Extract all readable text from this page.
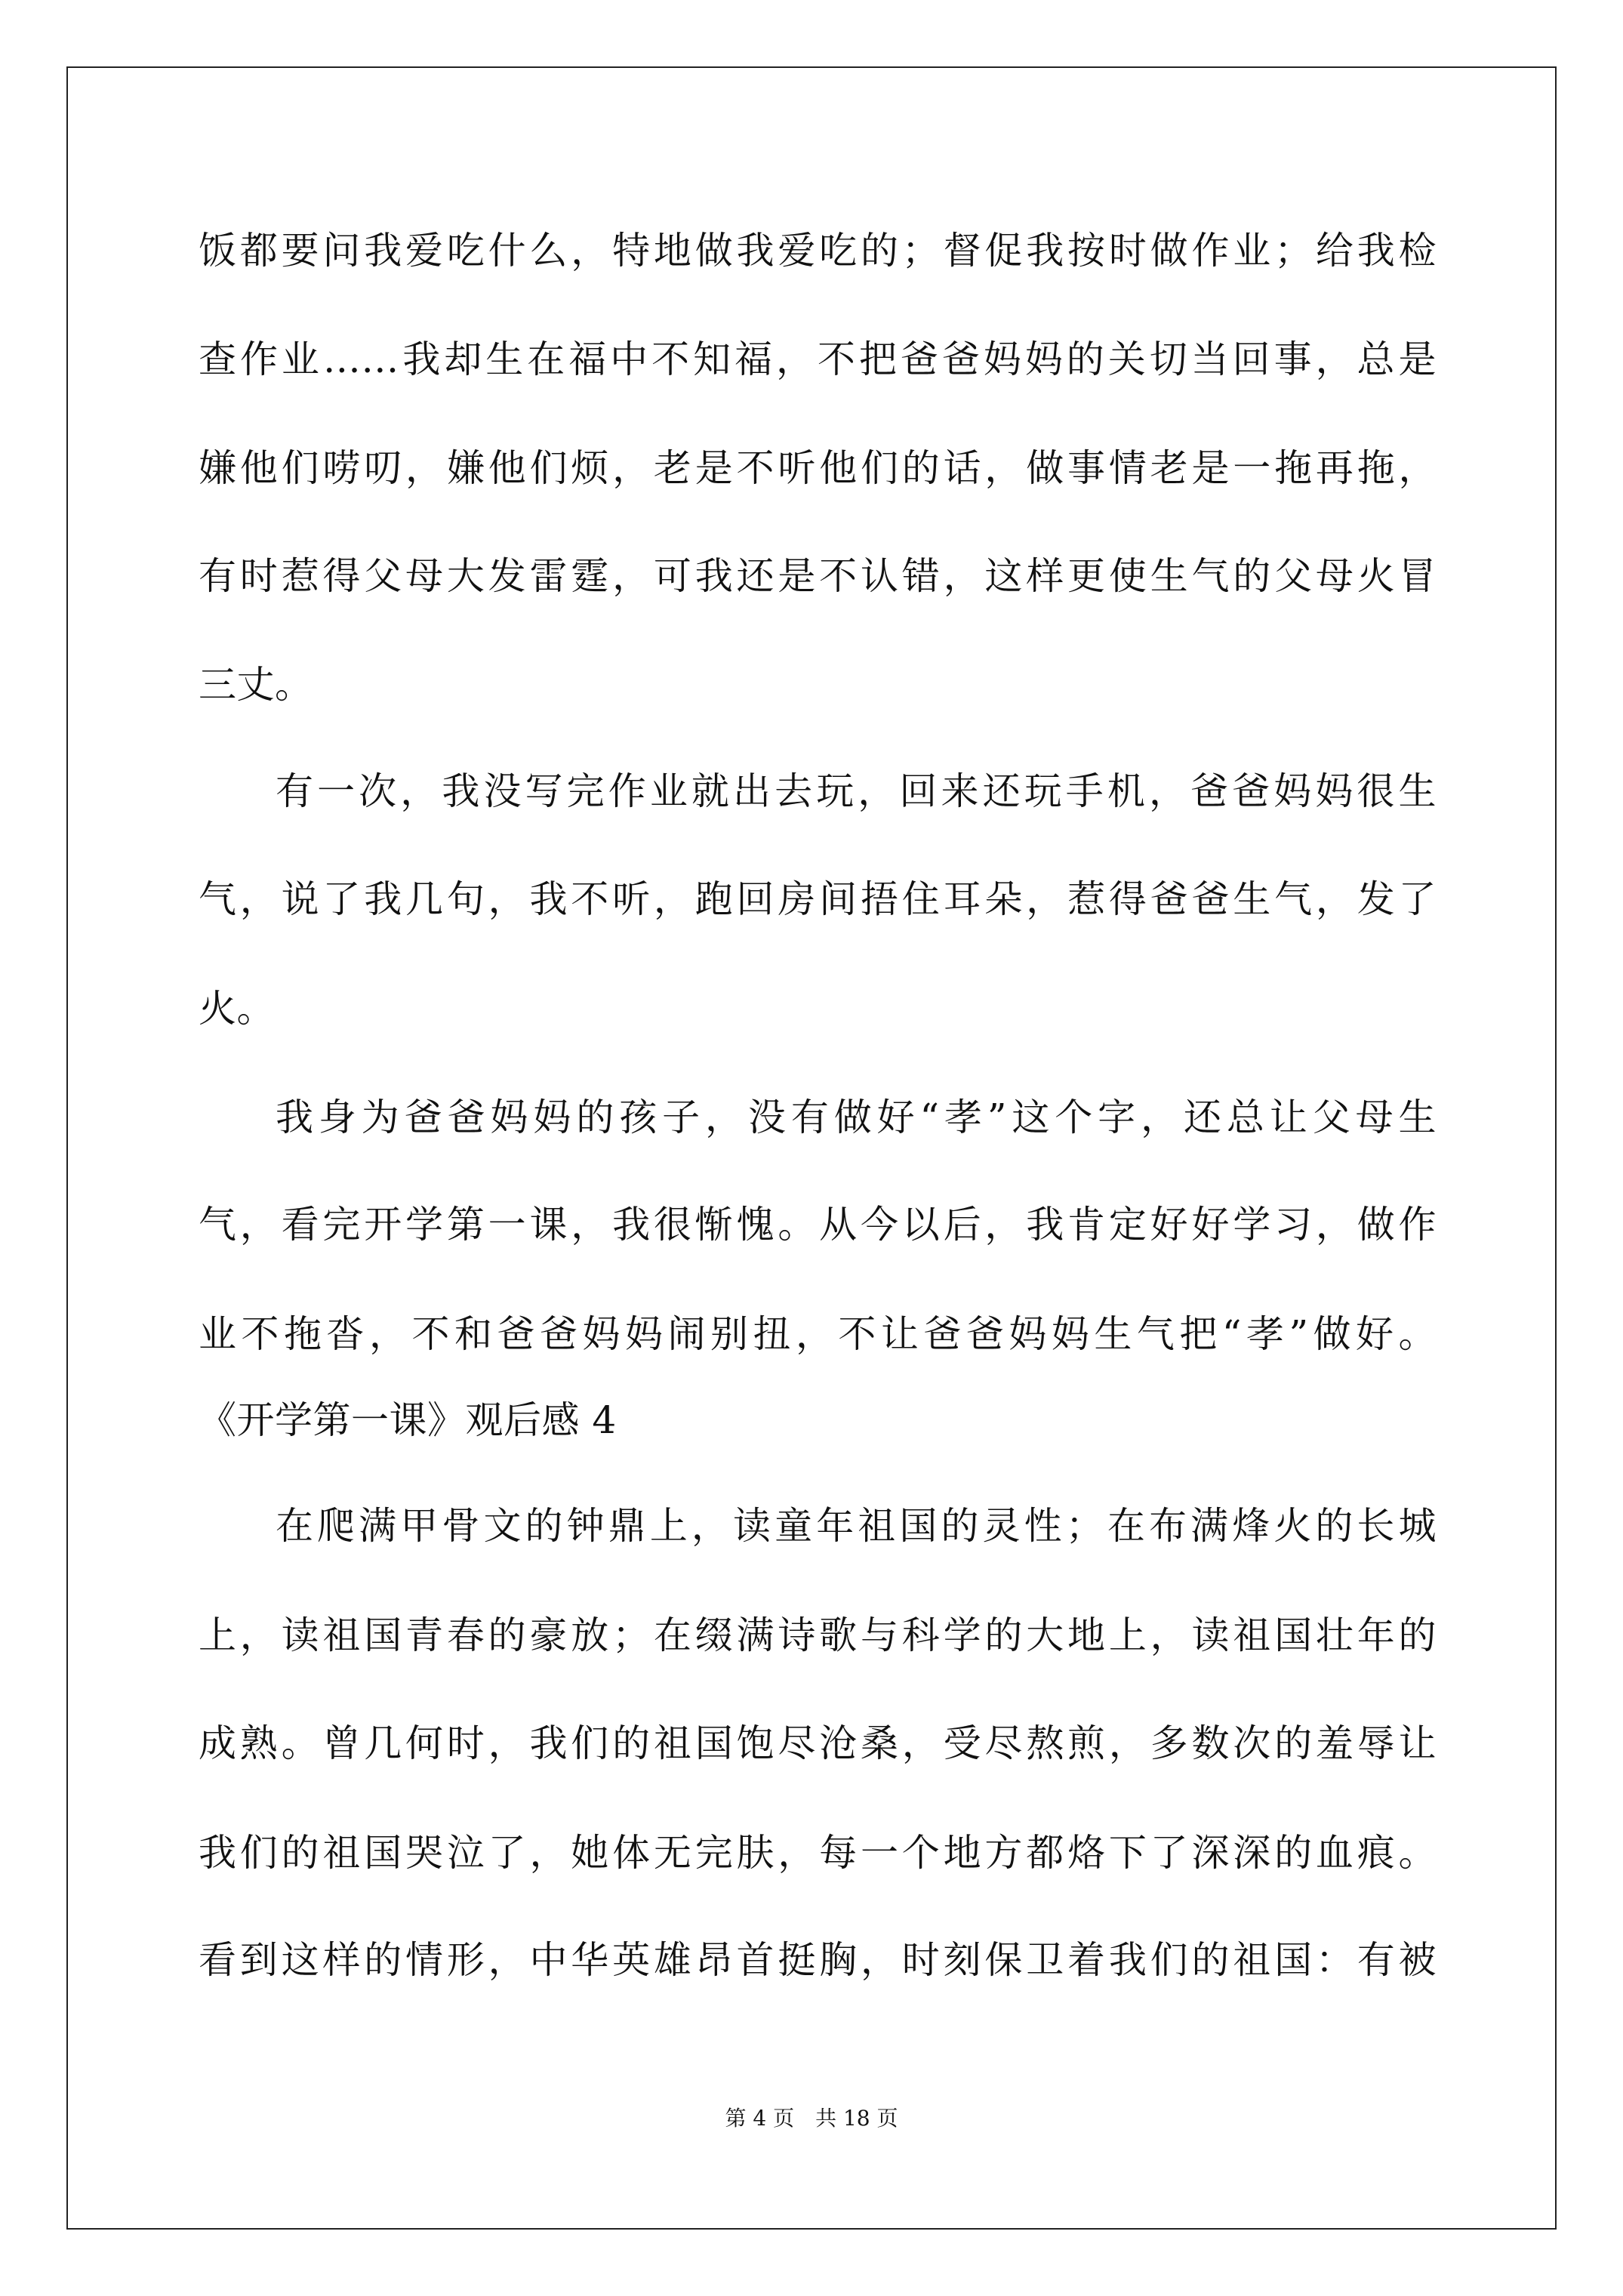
饭都要问我爱吃什么，特地做我爱吃的；督促我按时做作业；给我检
查作业……我却生在福中不知福，不把爸爸妈妈的关切当回事，总是
嫌他们唠叨，嫌他们烦，老是不听他们的话，做事情老是一拖再拖，
有时惹得父母大发雷霆，可我还是不认错，这样更使生气的父母火冒
三丈。
有一次，我没写完作业就出去玩，回来还玩手机，爸爸妈妈很生
气，说了我几句，我不听，跑回房间捂住耳朵，惹得爸爸生气，发了
火。
我身为爸爸妈妈的孩子，没有做好“孝”这个字，还总让父母生
气，看完开学第一课，我很惭愧。从今以后，我肯定好好学习，做作
业不拖沓，不和爸爸妈妈闹别扭，不让爸爸妈妈生气把“孝”做好。
《开学第一课》观后感 4
在爬满甲骨文的钟鼎上，读童年祖国的灵性；在布满烽火的长城
上，读祖国青春的豪放；在缀满诗歌与科学的大地上，读祖国壮年的
成熟。曾几何时，我们的祖国饱尽沧桑，受尽熬煎，多数次的羞辱让
我们的祖国哭泣了，她体无完肤，每一个地方都烙下了深深的血痕。
看到这样的情形，中华英雄昂首挺胸，时刻保卫着我们的祖国：有被
第 4 页　共 18 页
